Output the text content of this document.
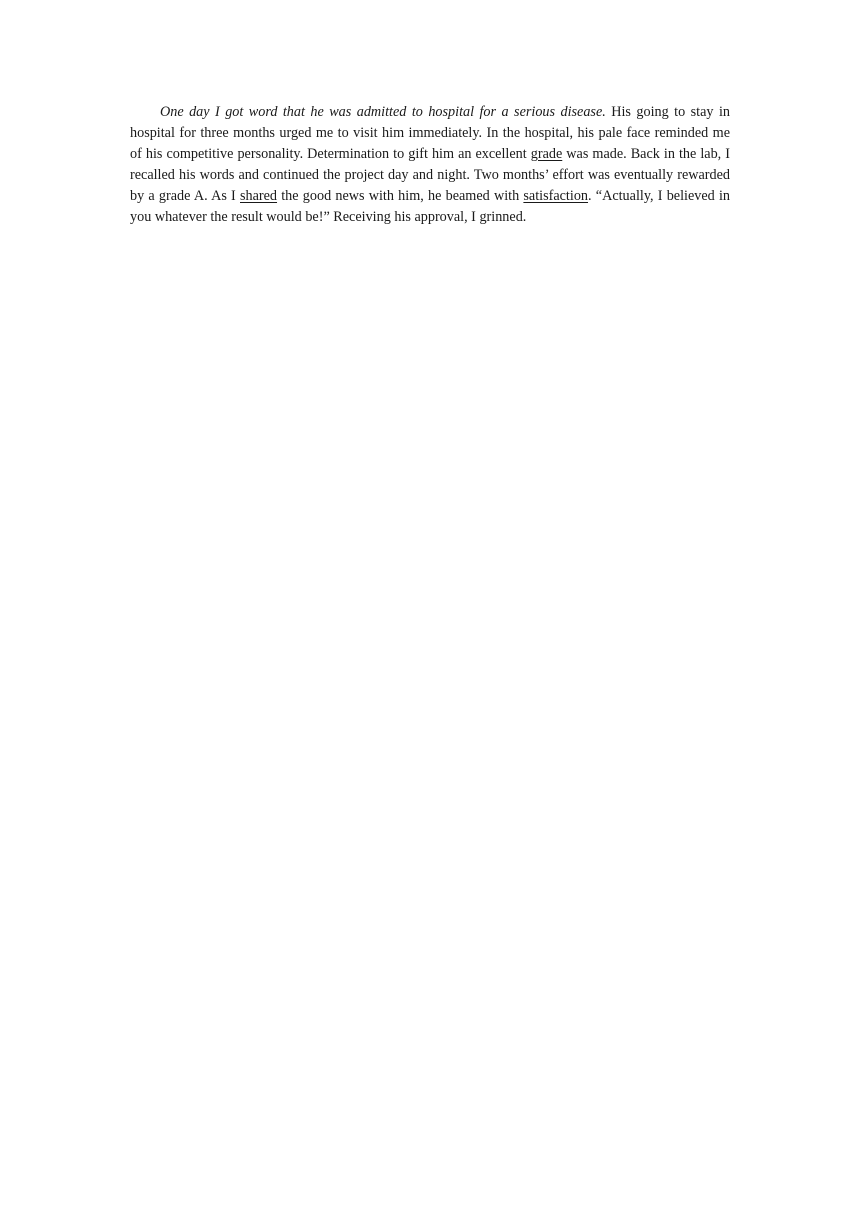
One day I got word that he was admitted to hospital for a serious disease. His going to stay in hospital for three months urged me to visit him immediately. In the hospital, his pale face reminded me of his competitive personality. Determination to gift him an excellent grade was made. Back in the lab, I recalled his words and continued the project day and night. Two months’ effort was eventually rewarded by a grade A. As I shared the good news with him, he beamed with satisfaction. “Actually, I believed in you whatever the result would be!” Receiving his approval, I grinned.
